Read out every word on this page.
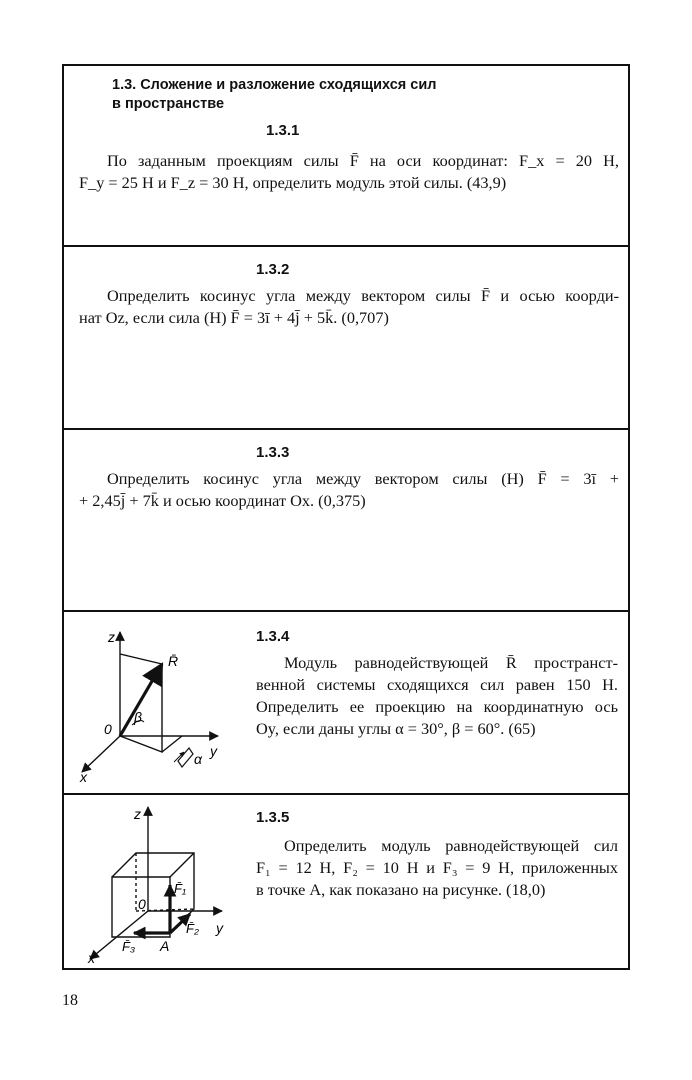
1.3. Сложение и разложение сходящихся сил
в пространстве
1.3.1
По заданным проекциям силы F̄ на оси координат: F_x = 20 Н,
F_y = 25 Н и F_z = 30 Н, определить модуль этой силы. (43,9)
1.3.2
Определить косинус угла между вектором силы F̄ и осью коорди-
нат Oz, если сила (Н) F̄ = 3ī + 4j̄ + 5k̄. (0,707)
1.3.3
Определить косинус угла между вектором силы (Н) F̄ = 3ī +
+ 2,45j̄ + 7k̄ и осью координат Ox. (0,375)
z
R̄
0
β
α y
x
1.3.4
Модуль равнодействующей R̄ пространст-
венной системы сходящихся сил равен 150 Н.
Определить ее проекцию на координатную ось
Oy, если даны углы α = 30°, β = 60°. (65)
z
F̄₁
0
F̄₂
F̄₃ A
y
x
1.3.5
Определить модуль равнодействующей сил
F₁ = 12 Н, F₂ = 10 Н и F₃ = 9 Н, приложенных
в точке A, как показано на рисунке. (18,0)
18
